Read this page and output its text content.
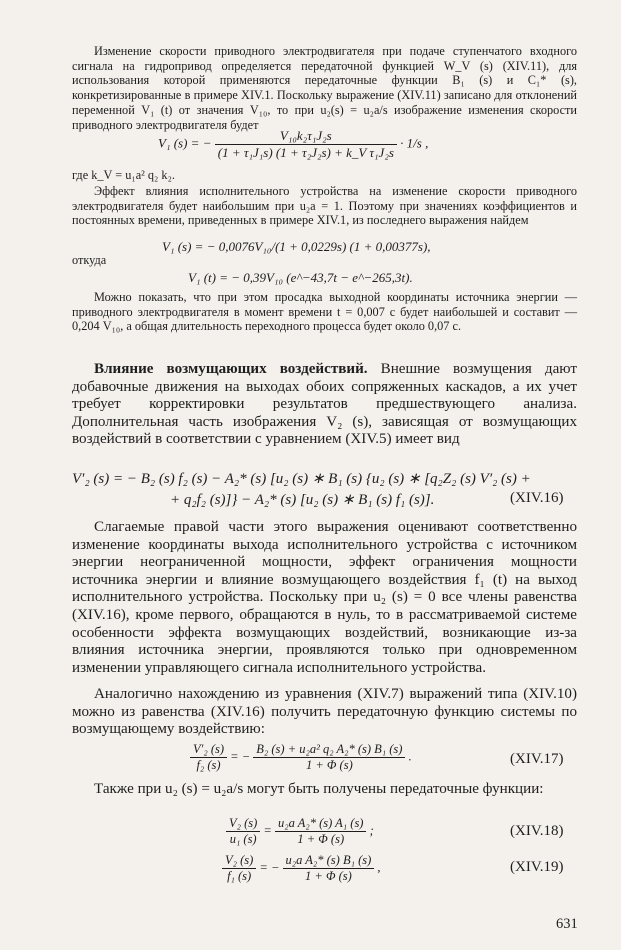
Изменение скорости приводного электродвигателя при подаче ступенчатого входного сигнала на гидропривод определяется передаточной функцией W_V (s) (XIV.11), для использования которой применяются передаточные функции B₁ (s) и C₁* (s), конкретизированные в примере XIV.1. Поскольку выражение (XIV.11) записано для отклонений переменной V₁ (t) от значения V₁₀, то при u₂(s) = u₂a/s изображение изменения скорости приводного электродвигателя будет
V₁ (s) = − $\frac{\text{V₁₀k₂τ₁J₂s}}{\text{(1 + τ₁J₁s) (1 + τ₂J₂s) + k\_V τ₁J₂s}} \cdot 1/s$ ,
где k_V = u₁a² q₂ k₂.
Эффект влияния исполнительного устройства на изменение скорости приводного электродвигателя будет наибольшим при u₂a = 1. Поэтому при значениях коэффициентов и постоянных времени, приведенных в примере XIV.1, из последнего выражения найдем
V₁ (s) = − 0,0076V₁₀/(1 + 0,0229s) (1 + 0,00377s),
откуда
V₁ (t) = − 0,39V₁₀ (e^−43,7t − e^−265,3t).
Можно показать, что при этом просадка выходной координаты источника энергии — приводного электродвигателя в момент времени t = 0,007 c будет наибольшей и составит — 0,204 V₁₀, а общая длительность переходного процесса будет около 0,07 c.
Влияние возмущающих воздействий. Внешние возмущения дают добавочные движения на выходах обоих сопряженных каскадов, а их учет требует корректировки результатов предшествующего анализа. Дополнительная часть изображения V₂ (s), зависящая от возмущающих воздействий в соответствии с уравнением (XIV.5) имеет вид
V′₂ (s) = − B₂ (s) f₂ (s) − A₂* (s) [u₂ (s) ∗ B₁ (s) {u₂ (s) ∗ [q₂Z₂ (s) V′₂ (s) +
+ q₂f₂ (s)]} − A₂* (s) [u₂ (s) ∗ B₁ (s) f₁ (s)].	(XIV.16)
Слагаемые правой части этого выражения оценивают соответственно изменение координаты выхода исполнительного устройства с источником энергии неограниченной мощности, эффект ограничения мощности источника энергии и влияние возмущающего воздействия f₁ (t) на выход исполнительного устройства. Поскольку при u₂ (s) = 0 все члены равенства (XIV.16), кроме первого, обращаются в нуль, то в рассматриваемой системе особенности эффекта возмущающих воздействий, возникающие из-за влияния источника энергии, проявляются только при одновременном изменении управляющего сигнала исполнительного устройства.
Аналогично нахождению из уравнения (XIV.7) выражений типа (XIV.10) можно из равенства (XIV.16) получить передаточную функцию системы по возмущающему воздействию:
$\frac{\text{V′₂ (s)}}{\text{f₂ (s)}}$ = − $\frac{\text{B₂ (s) + u₂a² q₂ A₂* (s) B₁ (s)}}{1 + \Phi (s)}$ .	(XIV.17)
Также при u₂ (s) = u₂a/s могут быть получены передаточные функции:
$\frac{\text{V₂ (s)}}{\text{u₁ (s)}} = \frac{\text{u₂a A₂* (s) A₁ (s)}}{1 + \Phi (s)}$ ;	(XIV.18)
$\frac{\text{V₂ (s)}}{\text{f₁ (s)}}$ = − $\frac{\text{u₂a A₂* (s) B₁ (s)}}{1 + \Phi (s)}$ ,	(XIV.19)
631
